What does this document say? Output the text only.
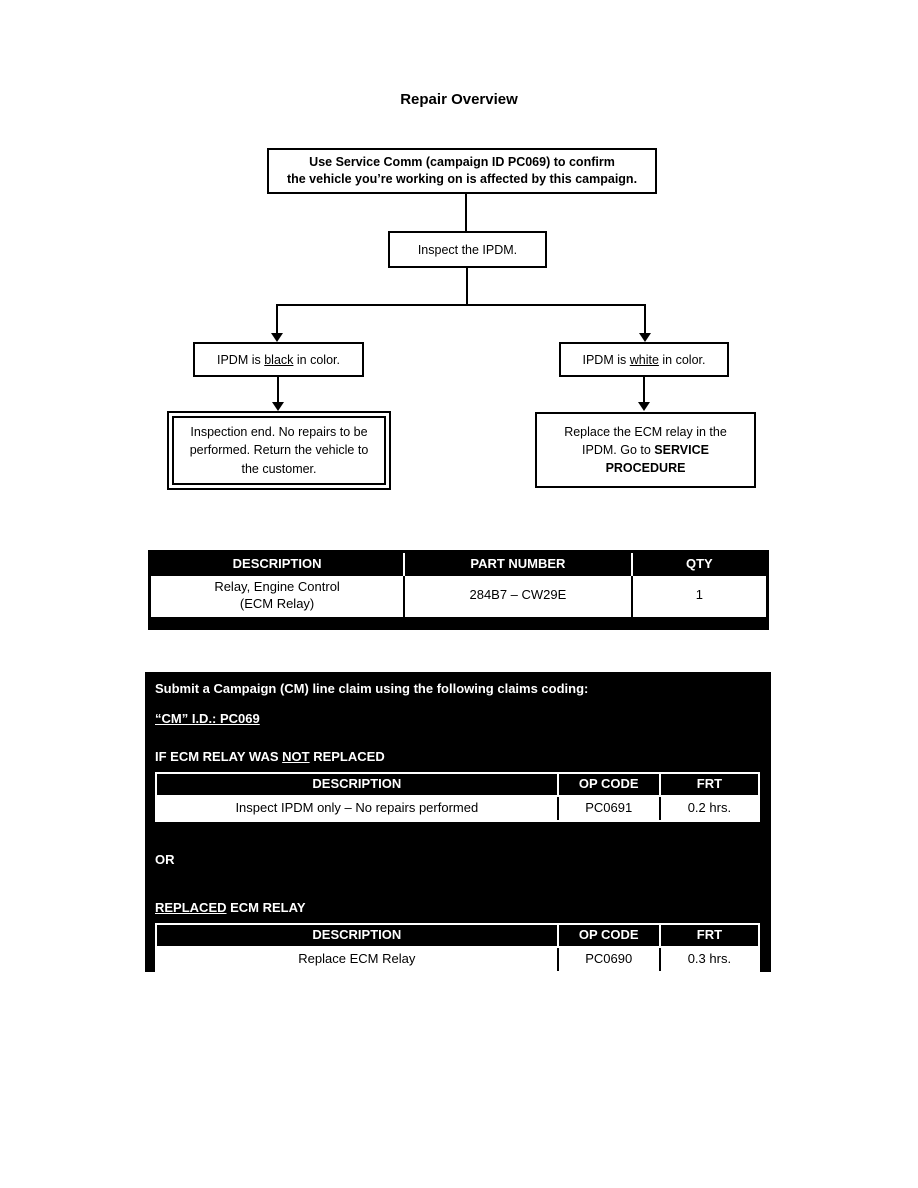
Repair Overview
Use Service Comm (campaign ID PC069) to confirm
the vehicle you’re working on is affected by this campaign.
Inspect the IPDM.
IPDM is black in color.	IPDM is white in color.
Inspection end. No repairs to be performed. Return the vehicle to the customer.
Replace the ECM relay in the IPDM. Go to SERVICE PROCEDURE
DESCRIPTION	PART NUMBER	QTY
Relay, Engine Control
(ECM Relay)
284B7 – CW29E	1
Submit a Campaign (CM) line claim using the following claims coding:
“CM” I.D.: PC069
IF ECM RELAY WAS NOT REPLACED
DESCRIPTION	OP CODE	FRT
Inspect IPDM only – No repairs performed	PC0691	0.2 hrs.
OR
REPLACED ECM RELAY
DESCRIPTION	OP CODE	FRT
Replace ECM Relay	PC0690	0.3 hrs.
